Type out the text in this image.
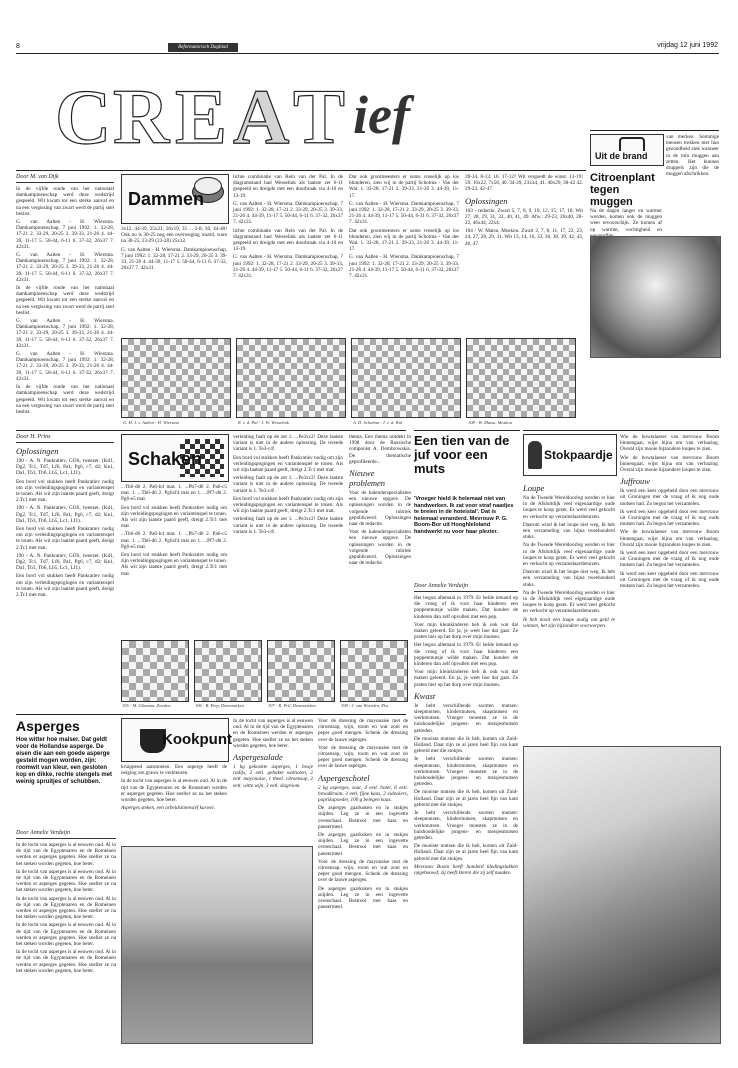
8	Reformatorisch Dagblad	vrijdag 12 juni 1992
C R E A T ief
Door M. van Dijk

In de vijfde ronde van het nationaal damkampioenschap werd deze wedstrijd gespeeld. Wit kwam tot een sterke aanval en na een vergissing van zwart werd de partij snel beslist.

G. van Aalten - H. Wiersma. Damkampioenschap, 7 juni 1992: 1. 32-28, 17-21 2. 33-29, 20-25 3. 39-33, 21-26 4. 44-39, 11-17 5. 50-44, 6-11 6. 37-32, 26x37 7. 42x31.

G. van Aalten - H. Wiersma. Damkampioenschap, 7 juni 1992: 1. 32-28, 17-21 2. 33-29, 20-25 3. 39-33, 21-26 4. 44-39, 11-17 5. 50-44, 6-11 6. 37-32, 26x37 7. 42x31.

In de vijfde ronde van het nationaal damkampioenschap werd deze wedstrijd gespeeld. Wit kwam tot een sterke aanval en na een vergissing van zwart werd de partij snel beslist.

G. van Aalten - H. Wiersma. Damkampioenschap, 7 juni 1992: 1. 32-28, 17-21 2. 33-29, 20-25 3. 39-33, 21-26 4. 44-39, 11-17 5. 50-44, 6-11 6. 37-32, 26x37 7. 42x31.

G. van Aalten - H. Wiersma. Damkampioenschap, 7 juni 1992: 1. 32-28, 17-21 2. 33-29, 20-25 3. 39-33, 21-26 4. 44-39, 11-17 5. 50-44, 6-11 6. 37-32, 26x37 7. 42x31.

In de vijfde ronde van het nationaal damkampioenschap werd deze wedstrijd gespeeld. Wit kwam tot een sterke aanval en na een vergissing van zwart werd de partij snel beslist.

Dammen

3x12, 44-39, 25x21, 26x19, 35 ... 2-8; 36, 44-40! Ook nu is 30-25 nog een overweging waard, want na 30-25, 23-29 (23-28) 25x12.

G. van Aalten - H. Wiersma. Damkampioenschap, 7 juni 1992: 1. 32-28, 17-21 2. 33-29, 20-25 3. 39-33, 21-26 4. 44-39, 11-17 5. 50-44, 6-11 6. 37-32, 26x37 7. 42x31.

lichte combinatie van Rein van der Pal. In de diagramstand had Wesselink als laatste zet 6-11 gespeeld en dreigde met een doorbraak via 4-10 en 13-19.

G. van Aalten - H. Wiersma. Damkampioenschap, 7 juni 1992: 1. 32-28, 17-21 2. 33-29, 20-25 3. 39-33, 21-26 4. 44-39, 11-17 5. 50-44, 6-11 6. 37-32, 26x37 7. 42x31.

lichte combinatie van Rein van der Pal. In de diagramstand had Wesselink als laatste zet 6-11 gespeeld en dreigde met een doorbraak via 4-10 en 13-19.

G. van Aalten - H. Wiersma. Damkampioenschap, 7 juni 1992: 1. 32-28, 17-21 2. 33-29, 20-25 3. 39-33, 21-26 4. 44-39, 11-17 5. 50-44, 6-11 6. 37-32, 26x37 7. 42x31.

Dat ook grootmeesters er soms vreselijk op los blunderen, zien wij in de partij Scholma - Van der Wal. 1. 33-28, 17-21 2. 39-33, 21-26 3. 44-39, 11-17.

G. van Aalten - H. Wiersma. Damkampioenschap, 7 juni 1992: 1. 32-28, 17-21 2. 33-29, 20-25 3. 39-33, 21-26 4. 44-39, 11-17 5. 50-44, 6-11 6. 37-32, 26x37 7. 42x31.

Dat ook grootmeesters er soms vreselijk op los blunderen, zien wij in de partij Scholma - Van der Wal. 1. 33-28, 17-21 2. 39-33, 21-26 3. 44-39, 11-17.

G. van Aalten - H. Wiersma. Damkampioenschap, 7 juni 1992: 1. 32-28, 17-21 2. 33-29, 20-25 3. 39-33, 21-26 4. 44-39, 11-17 5. 50-44, 6-11 6. 37-32, 26x37 7. 42x31.

39-34, 8-13; 16. 17-12? Wit vergoedt de winst. 13-19! 59. 16x22, 7x58, 40. 34-29, 23x34, 41. 40x29, 38-42 42. 29-23, 42-47.

Oplossingen

103 - redactie. Zwart 5, 7, 8, 9, 10, 12, 15, 17, 18. Wit 27, 28, 29, 31, 32, 40, 41, 49. Afw.: 29-23, 26x40, 28-22, 46x44, 22x4.

104 - W. Matsu, Moskou. Zwart 2, 7, 8, 11, 17, 22, 23, 24, 27, 28, 29, 31. Wit 13, 14, 16, 33, 36, 38, 39, 42, 43, 46, 47.

G. H. J. v. Aalten - H. Wiersma	R. v. d. Pal - J. W. Wesselink	A. D. Scholma - J. v. d. Wal	108 - W. Matsu, Moskou
Door H. Prins
Oplossingen

190 - A. N. Pankratiev, GOS, tweezet. (Kd1, Dg2, Tc1, Td7, Lf6, Pa1, Pg6, c7, d2; Ke1, Da1, Tb3, Tb6, Lb5, Lc1, Lf1).

Een bord vol stukken heeft Pankratiev nodig om zijn verleidingspogingen en variantenspel te tonen. Als wit zijn laatste paard geeft, dreigt 2.Tc1 met mat.

190 - A. N. Pankratiev, GOS, tweezet. (Kd1, Dg2, Tc1, Td7, Lf6, Pa1, Pg6, c7, d2; Ke1, Da1, Tb3, Tb6, Lb5, Lc1, Lf1).

Een bord vol stukken heeft Pankratiev nodig om zijn verleidingspogingen en variantenspel te tonen. Als wit zijn laatste paard geeft, dreigt 2.Tc1 met mat.

190 - A. N. Pankratiev, GOS, tweezet. (Kd1, Dg2, Tc1, Td7, Lf6, Pa1, Pg6, c7, d2; Ke1, Da1, Tb3, Tb6, Lb5, Lc1, Lf1).

Een bord vol stukken heeft Pankratiev nodig om zijn verleidingspogingen en variantenspel te tonen. Als wit zijn laatste paard geeft, dreigt 2.Tc1 met mat.

Schaken

...Th6-d6 2. Pa6-b4 mat. 1. ...Pb7-d6 2. Pa6-c5 mat. 1. ...Th6-d6 2. Pg6xf4 mat en 1. ...Pf7-d6 2. Pg6-e5 mat.

Een bord vol stukken heeft Pankratiev nodig om zijn verleidingspogingen en variantenspel te tonen. Als wit zijn laatste paard geeft, dreigt 2.Tc1 met mat.

...Th6-d6 2. Pa6-b4 mat. 1. ...Pb7-d6 2. Pa6-c5 mat. 1. ...Th6-d6 2. Pg6xf4 mat en 1. ...Pf7-d6 2. Pg6-e5 mat.

Een bord vol stukken heeft Pankratiev nodig om zijn verleidingspogingen en variantenspel te tonen. Als wit zijn laatste paard geeft, dreigt 2.Tc1 met mat.

verleiding faalt op de zet 1. ...Pe3xc2! Deze laatste variant is niet in de andere oplossing. De tweede variant is 1. Te3-c4!.

Een bord vol stukken heeft Pankratiev nodig om zijn verleidingspogingen en variantenspel te tonen. Als wit zijn laatste paard geeft, dreigt 2.Tc1 met mat.

verleiding faalt op de zet 1. ...Pe3xc2! Deze laatste variant is niet in de andere oplossing. De tweede variant is 1. Te3-c4!.

Een bord vol stukken heeft Pankratiev nodig om zijn verleidingspogingen en variantenspel te tonen. Als wit zijn laatste paard geeft, dreigt 2.Tc1 met mat.

verleiding faalt op de zet 1. ...Pe3xc2! Deze laatste variant is niet in de andere oplossing. De tweede variant is 1. Te3-c4!.

thema. Een thema ontdekt in 1998 door de Russische componist A. Dombrowskis. De thematische geprofileerde...

Nieuwe problemen

Voor de kalenderspecialisten een nieuwe opgave. De oplossingen worden in de volgende rubriek gepubliceerd. Oplossingen naar de redactie.

Voor de kalenderspecialisten een nieuwe opgave. De oplossingen worden in de volgende rubriek gepubliceerd. Oplossingen naar de redactie.

195 - M. Glimann, Zweden	196 - B. Piep, Denemarken	197 - R. Pril, Denemarken	198 - J. van Woerden, Elst
Asperges
Hoe witter hoe malser. Dat geldt voor de Hollandse asperge. De eisen die aan een goede asperge gesteld mogen worden, zijn: roomwit van kleur, een gesloten kop en dikke, rechte stengels met weinig spruitjes of schubben.
Door Annelie Verduijn

In de tocht van asperges is al eeuwen oud. Al in de tijd van de Egyptenaren en de Romeinen werden er asperges gegeten. Hoe sneller ze na het steken worden gegeten, hoe beter.

In de tocht van asperges is al eeuwen oud. Al in de tijd van de Egyptenaren en de Romeinen werden er asperges gegeten. Hoe sneller ze na het steken worden gegeten, hoe beter.

In de tocht van asperges is al eeuwen oud. Al in de tijd van de Egyptenaren en de Romeinen werden er asperges gegeten. Hoe sneller ze na het steken worden gegeten, hoe beter.

In de tocht van asperges is al eeuwen oud. Al in de tijd van de Egyptenaren en de Romeinen werden er asperges gegeten. Hoe sneller ze na het steken worden gegeten, hoe beter.

In de tocht van asperges is al eeuwen oud. Al in de tijd van de Egyptenaren en de Romeinen werden er asperges gegeten. Hoe sneller ze na het steken worden gegeten, hoe beter.

Kookpunt

kruippend aansnoeien. Een asperge heeft de neiging om grauw te verkleuren.

In de tocht van asperges is al eeuwen oud. Al in de tijd van de Egyptenaren en de Romeinen werden er asperges gegeten. Hoe sneller ze na het steken worden gegeten, hoe beter.

Asperges steken, een arbeidsintensief karwei.

In de tocht van asperges is al eeuwen oud. Al in de tijd van de Egyptenaren en de Romeinen werden er asperges gegeten. Hoe sneller ze na het steken worden gegeten, hoe beter.

Aspergesalade

1 kg gekookte asperges, 1 bosje radijs, 2 eetl. gehakte walnoten, 2 eetl. mayonaise, 1 theel. citroensap, 2 eetl. witte wijn, 3 eetl. slagroom.

Voor de dressing de mayonaise met de citroensap, wijn, room en wat zout en peper goed mengen. Schenk de dressing over de lauwe asperges.

Voor de dressing de mayonaise met de citroensap, wijn, room en wat zout en peper goed mengen. Schenk de dressing over de lauwe asperges.

Aspergeschotel

2 kg asperges, zout, 4 eetl. boter, 6 eetl. broodkruim, 3 eetl. fijne kaas, 2 eidooiers, paprikapoeder, 100 g belegen kaas.

De asperges gaarkoken en in stukjes snijden. Leg ze in een ingevette ovenschaal. Bestrooi met kaas en paneermeel.

De asperges gaarkoken en in stukjes snijden. Leg ze in een ingevette ovenschaal. Bestrooi met kaas en paneermeel.

Voor de dressing de mayonaise met de citroensap, wijn, room en wat zout en peper goed mengen. Schenk de dressing over de lauwe asperges.

De asperges gaarkoken en in stukjes snijden. Leg ze in een ingevette ovenschaal. Bestrooi met kaas en paneermeel.

Uit de brand

van merken. Sommige mensen trekken met hun gezondheid ziek wanneer in de tuin muggen aan zetten. Het kunnen druppels zijn die de muggen afschrikken.

Citroenplant tegen muggen

Na de dagen langer en warmer worden, komen ook de muggen weer tevoorschijn. Ze komen af op warmte, vochtigheid en

Een tien van de juf voor een muts
'Vroeger hield ik helemaal niet van handwerken. Ik zat voor straf naadjes te breien in de hoteistal'. Dat is helemaal veranderd. Mevrouw P. G. Boom-Bor uit Hooghleloland handwerkt nu voor haar plezier.
Door Annelie Verduijn

Het begon allemaal in 1979. Er belde iemand op die vroeg of ik voor haar kinderen een poppenmutsje wilde maken. Dat konden de kinderen dan zelf opvullen met een pop.

Voor mijn kleinkinderen heb ik ook wat dat maken geleerd. En ja, je weet hoe dat gaat. Ze praten hier op het dorp over mijn mutsen.

Het begon allemaal in 1979. Er belde iemand op die vroeg of ik voor haar kinderen een poppenmutsje wilde maken. Dat konden de kinderen dan zelf opvullen met een pop.

Voor mijn kleinkinderen heb ik ook wat dat maken geleerd. En ja, je weet hoe dat gaat. Ze praten hier op het dorp over mijn mutsen.

Kwast

Je hebt verschillende soorten mutsen: sleepmutsen, kindermutsen, skapmutsen en werkmutsen. Vroeger moesten ze in de huishoudelijke jongens- en meisjesmutsen getreden.

De mooiste mutsen die ik heb, komen uit Zuid-Holland. Daar zijn ze al jaren heel fijn van kant gebreid met die stokjes.

Je hebt verschillende soorten mutsen: sleepmutsen, kindermutsen, skapmutsen en werkmutsen. Vroeger moesten ze in de huishoudelijke jongens- en meisjesmutsen getreden.

De mooiste mutsen die ik heb, komen uit Zuid-Holland. Daar zijn ze al jaren heel fijn van kant gebreid met die stokjes.

Je hebt verschillende soorten mutsen: sleepmutsen, kindermutsen, skapmutsen en werkmutsen. Vroeger moesten ze in de huishoudelijke jongens- en meisjesmutsen getreden.

De mooiste mutsen die ik heb, komen uit Zuid-Holland. Daar zijn ze al jaren heel fijn van kant gebreid met die stokjes.

Mevrouw Boom heeft honderd kledingstukken opgebouwd; zij heeft kleren die zij zelf maakte.

Stokpaardje
Loupe

Na de Tweede Wereldoorlog werden er hier in de Afsluitdijk veel eigenaardige oude loupes te koop gezet. Er werd veel gekocht en verkocht op verzamelaarsbeurzen.

Daarom wind ik het loupe niet weg. Ik heb een verzameling van bijna tweehonderd stuks.

Na de Tweede Wereldoorlog werden er hier in de Afsluitdijk veel eigenaardige oude loupes te koop gezet. Er werd veel gekocht en verkocht op verzamelaarsbeurzen.

Daarom wind ik het loupe niet weg. Ik heb een verzameling van bijna tweehonderd stuks.

Na de Tweede Wereldoorlog werden er hier in de Afsluitdijk veel eigenaardige oude loupes te koop gezet. Er werd veel gekocht en verkocht op verzamelaarsbeurzen.

Ik heb nooit een loupe nodig om geld te winnen, het zijn bijzondere voorwerpen.

Wie de bowtalaeser van mevrouw Boom binnengaat, wijst bijna om van verbazing. Overal zijn mooie bijzondere loupes te zien.

Wie de bowtalaeser van mevrouw Boom binnengaat, wijst bijna om van verbazing. Overal zijn mooie bijzondere loupes te zien.

Juffrouw

Ik werd een keer opgebeld door een mevrouw uit Groningen met de vraag of ik nog oude mutsen had. Zo begon het verzamelen.

Ik werd een keer opgebeld door een mevrouw uit Groningen met de vraag of ik nog oude mutsen had. Zo begon het verzamelen.

Wie de bowtalaeser van mevrouw Boom binnengaat, wijst bijna om van verbazing. Overal zijn mooie bijzondere loupes te zien.

Ik werd een keer opgebeld door een mevrouw uit Groningen met de vraag of ik nog oude mutsen had. Zo begon het verzamelen.

Ik werd een keer opgebeld door een mevrouw uit Groningen met de vraag of ik nog oude mutsen had. Zo begon het verzamelen.
